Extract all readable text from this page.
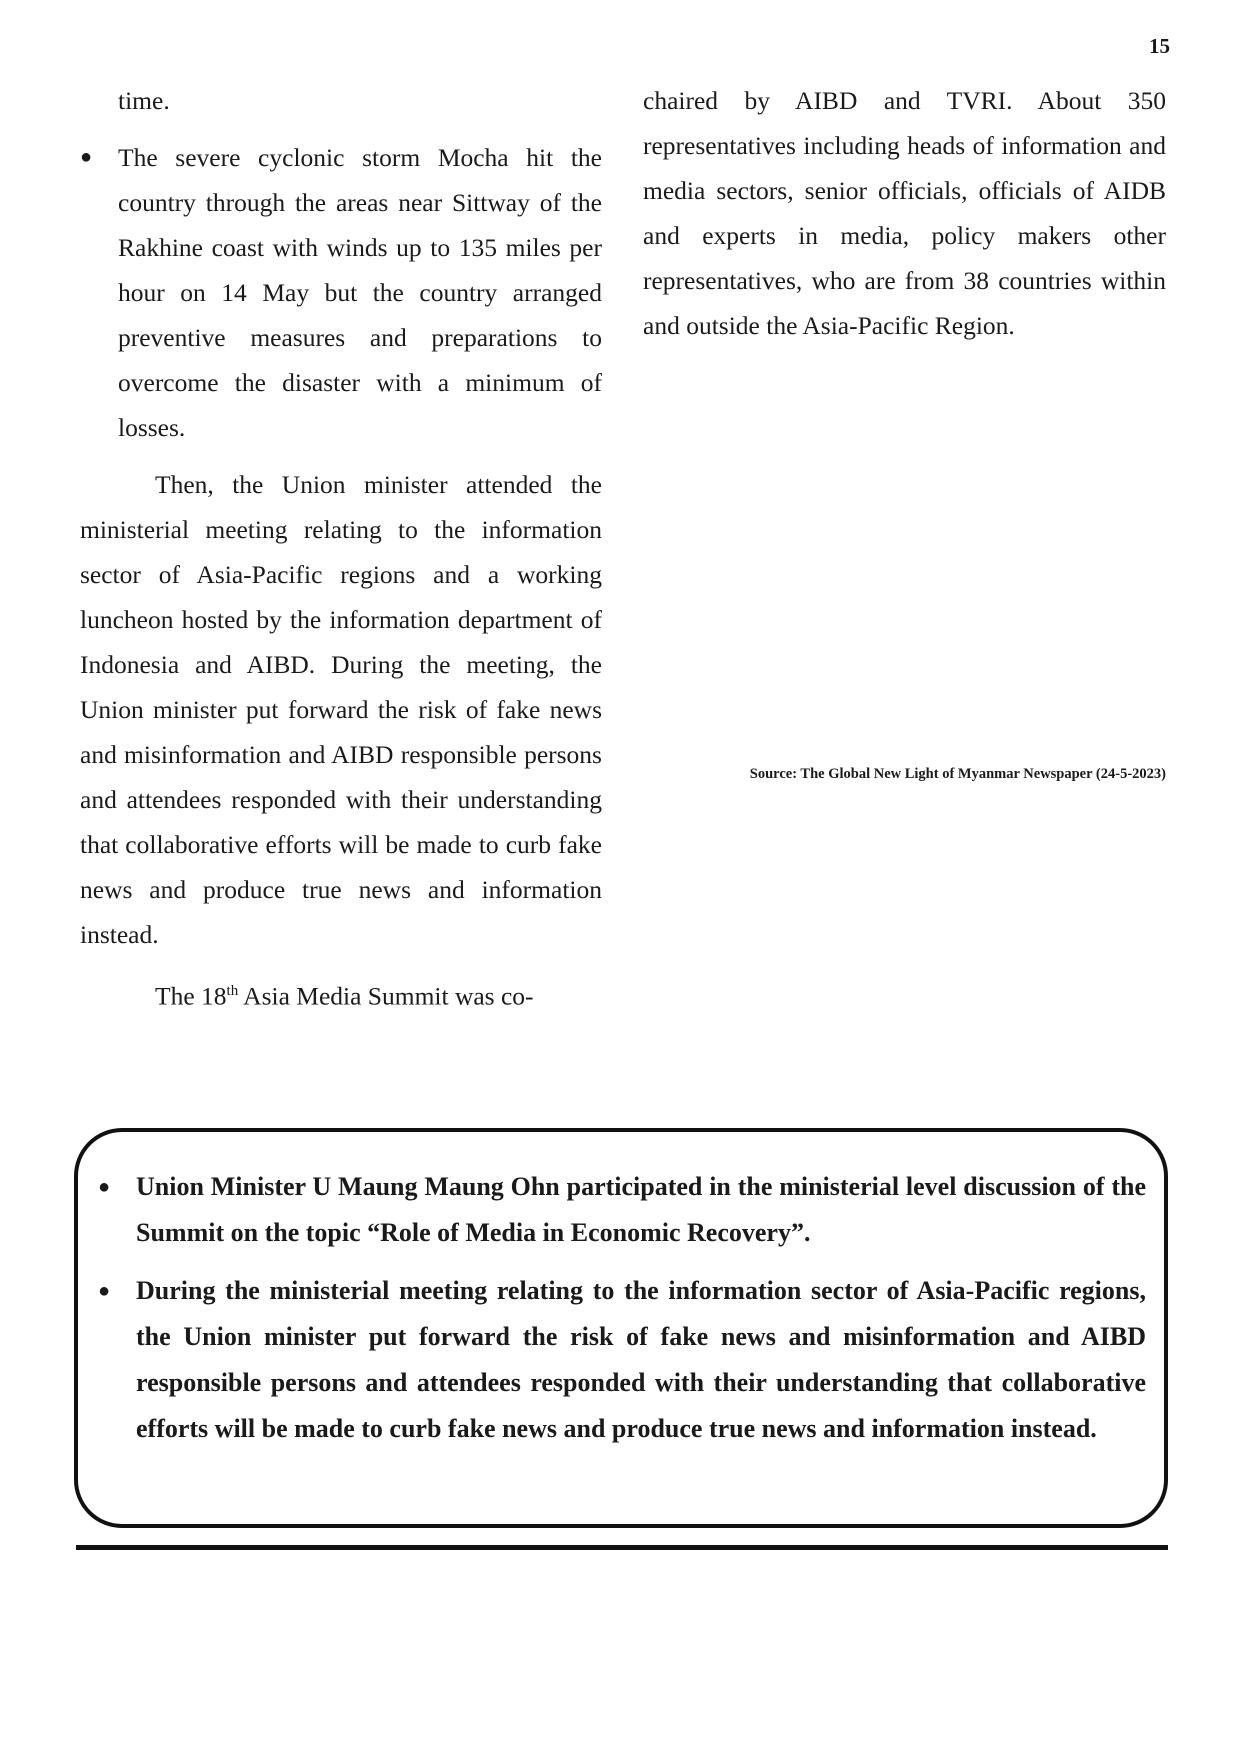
15

time.

● The severe cyclonic storm Mocha hit the country through the areas near Sittway of the Rakhine coast with winds up to 135 miles per hour on 14 May but the country arranged preventive measures and preparations to overcome the disaster with a minimum of losses.

Then, the Union minister attended the ministerial meeting relating to the information sector of Asia-Pacific regions and a working luncheon hosted by the information department of Indonesia and AIBD. During the meeting, the Union minister put forward the risk of fake news and misinformation and AIBD responsible persons and attendees responded with their understanding that collaborative efforts will be made to curb fake news and produce true news and information instead.

The 18th Asia Media Summit was co-

chaired by AIBD and TVRI. About 350 representatives including heads of information and media sectors, senior officials, officials of AIDB and experts in media, policy makers other representatives, who are from 38 countries within and outside the Asia-Pacific Region.

Source: The Global New Light of Myanmar Newspaper (24-5-2023)
● Union Minister U Maung Maung Ohn participated in the ministerial level discussion of the Summit on the topic “Role of Media in Economic Recovery”.
● During the ministerial meeting relating to the information sector of Asia-Pacific regions, the Union minister put forward the risk of fake news and misinformation and AIBD responsible persons and attendees responded with their understanding that collaborative efforts will be made to curb fake news and produce true news and information instead.
